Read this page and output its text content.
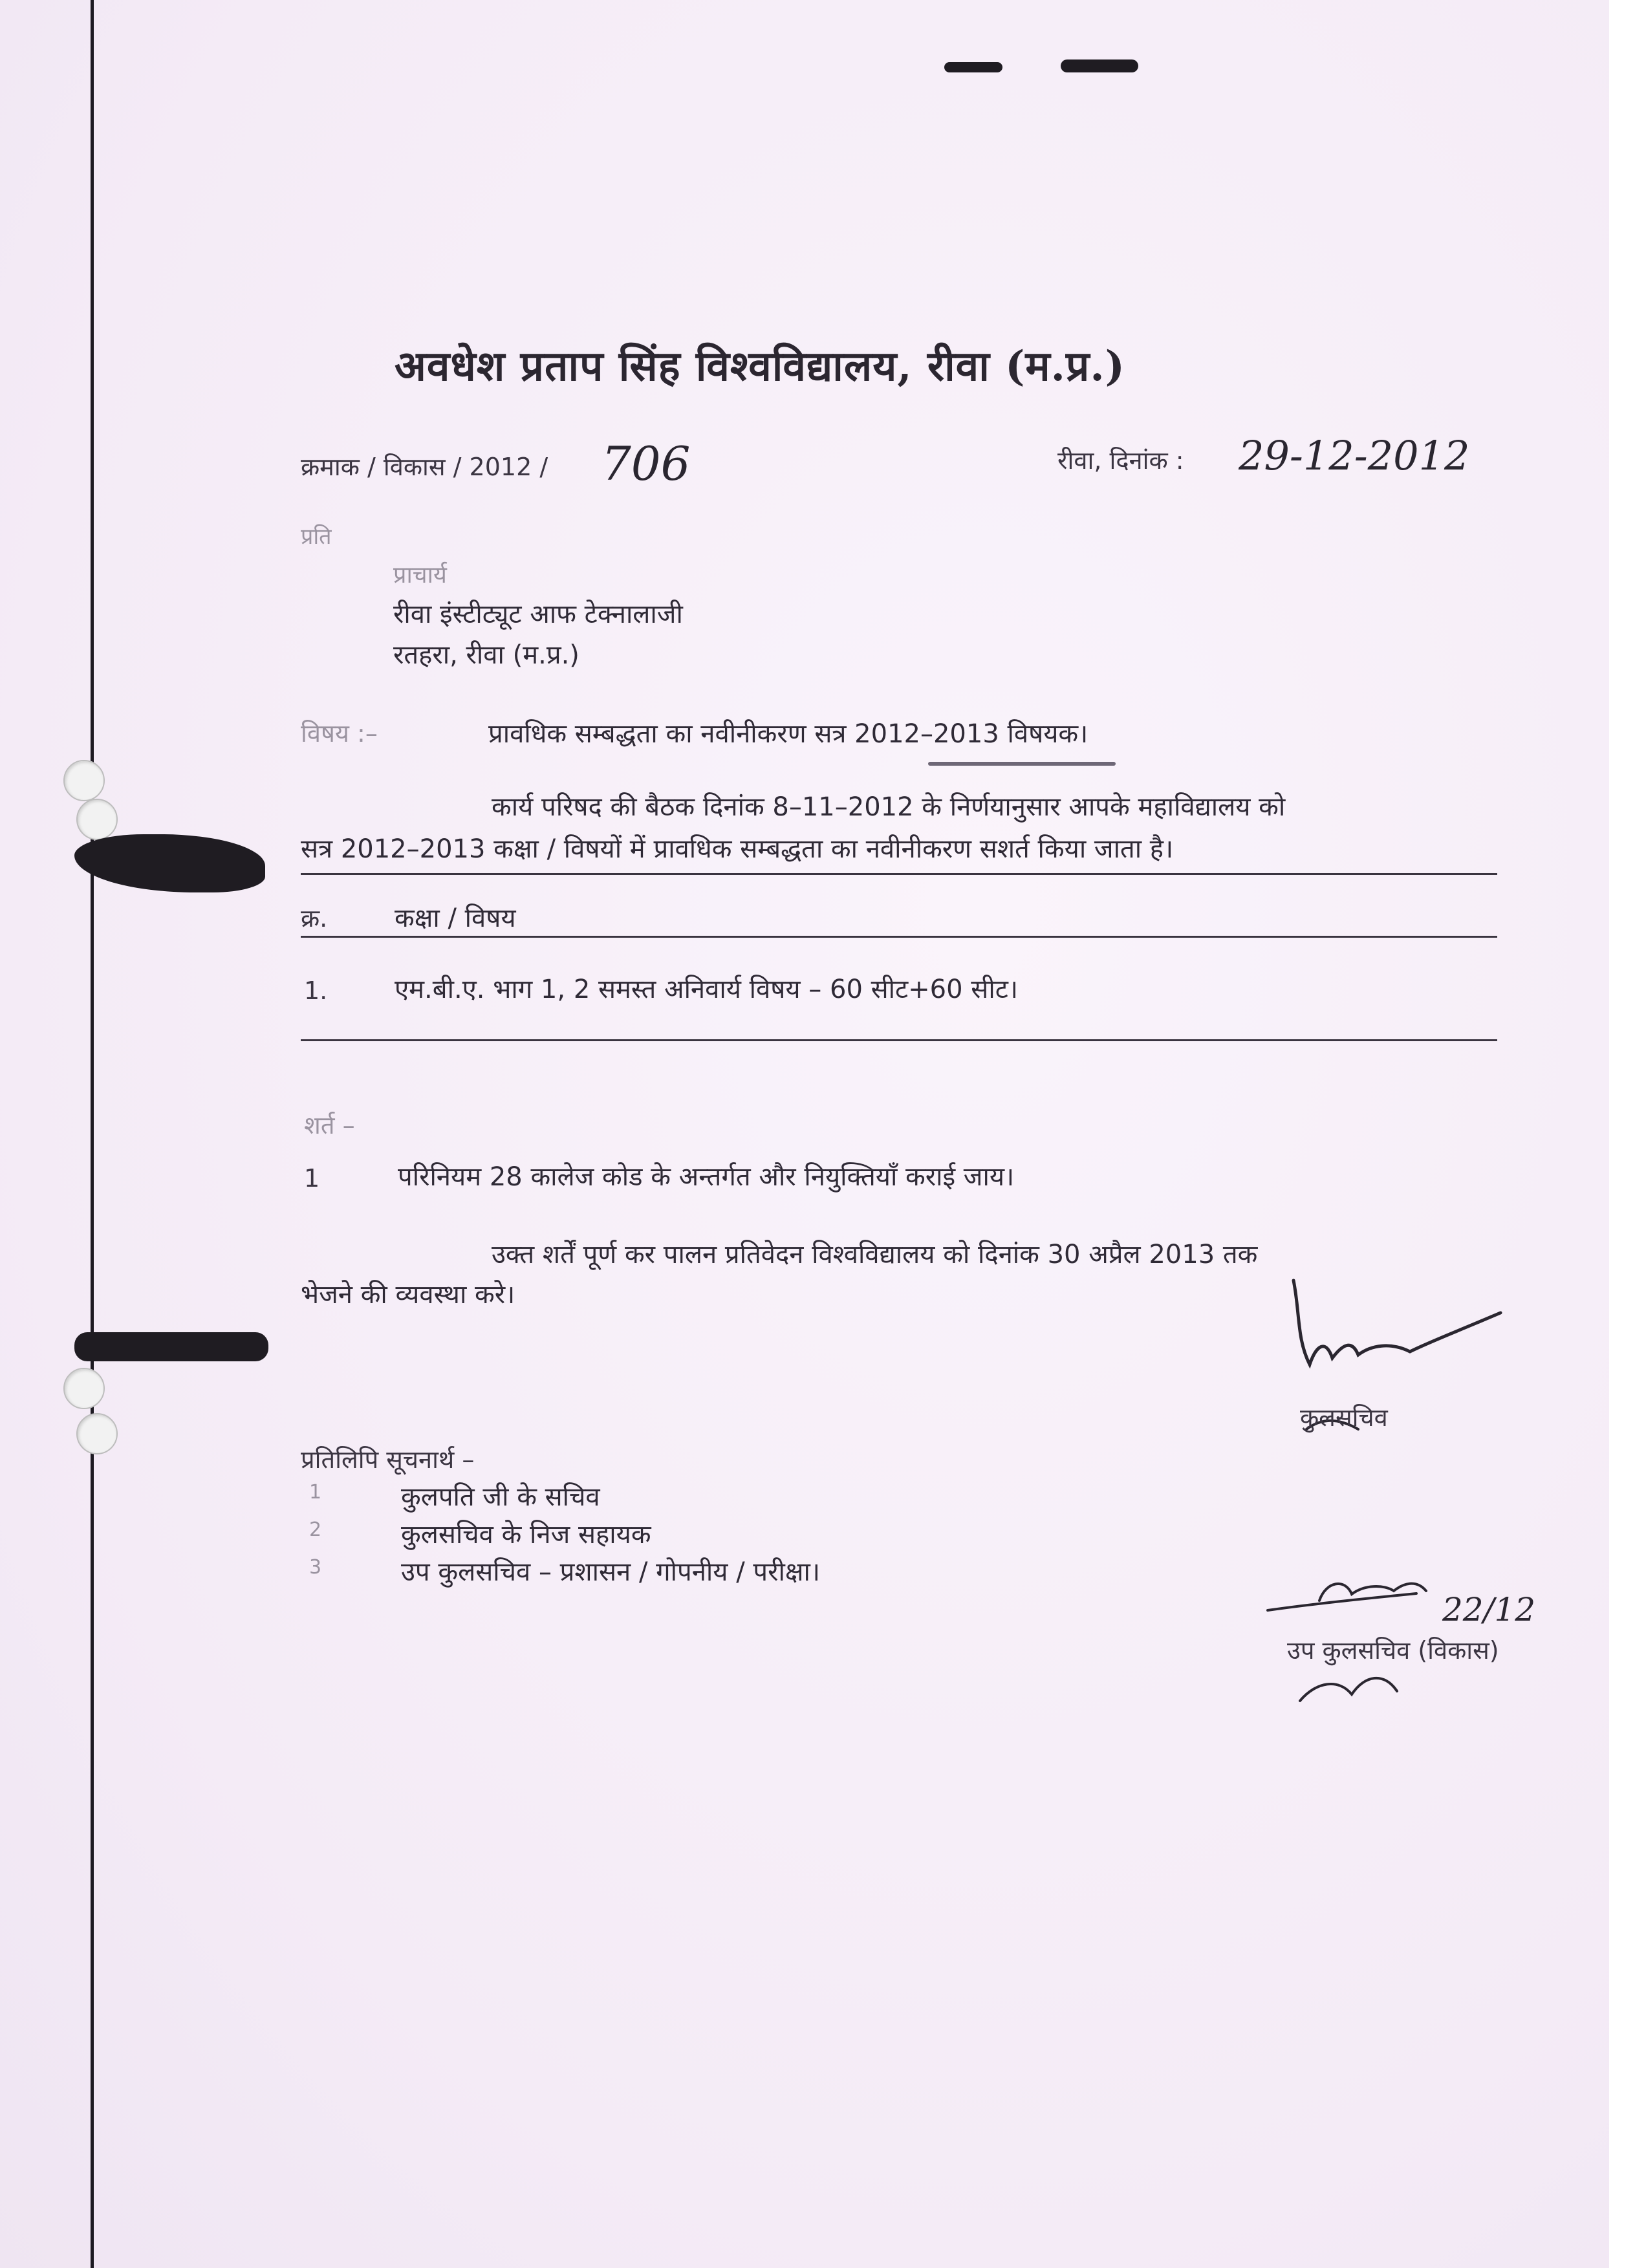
अवधेश प्रताप सिंह विश्वविद्यालय, रीवा (म.प्र.)
क्रमाक / विकास / 2012 / 706	रीवा, दिनांक : 29-12-2012
प्रति
प्राचार्य
रीवा इंस्टीट्यूट आफ टेक्नालाजी
रतहरा, रीवा (म.प्र.)
विषय :–	प्रावधिक सम्बद्धता का नवीनीकरण सत्र 2012–2013 विषयक।
कार्य परिषद की बैठक दिनांक 8–11–2012 के निर्णयानुसार आपके महाविद्यालय को
सत्र 2012–2013 कक्षा / विषयों में प्रावधिक सम्बद्धता का नवीनीकरण सशर्त किया जाता है।
क्र.	कक्षा / विषय
1.	एम.बी.ए. भाग 1, 2 समस्त अनिवार्य विषय – 60 सीट+60 सीट।
शर्त –
1	परिनियम 28 कालेज कोड के अन्तर्गत और नियुक्तियाँ कराई जाय।
उक्त शर्तें पूर्ण कर पालन प्रतिवेदन विश्वविद्यालय को दिनांक 30 अप्रैल 2013 तक
भेजने की व्यवस्था करे।
कुलसचिव
प्रतिलिपि सूचनार्थ –
1	कुलपति जी के सचिव
2	कुलसचिव के निज सहायक
3	उप कुलसचिव – प्रशासन / गोपनीय / परीक्षा।
22/12
उप कुलसचिव (विकास)
